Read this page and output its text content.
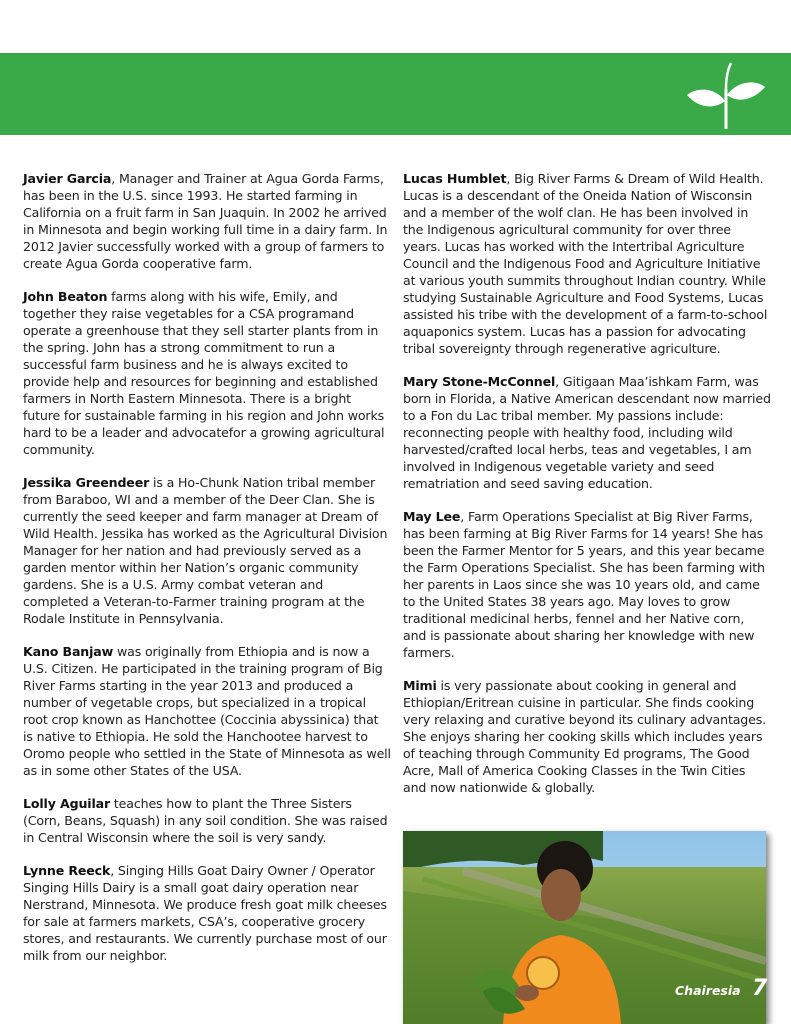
Javier Garcia, Manager and Trainer at Agua Gorda Farms, has been in the U.S. since 1993. He started farming in California on a fruit farm in San Juaquin. In 2002 he arrived in Minnesota and begin working full time in a dairy farm. In 2012 Javier successfully worked with a group of farmers to create Agua Gorda cooperative farm.

John Beaton farms along with his wife, Emily, and together they raise vegetables for a CSA programand operate a greenhouse that they sell starter plants from in the spring. John has a strong commitment to run a successful farm business and he is always excited to provide help and resources for beginning and established farmers in North Eastern Minnesota. There is a bright future for sustainable farming in his region and John works hard to be a leader and advocatefor a growing agricultural community.

Jessika Greendeer is a Ho-Chunk Nation tribal member from Baraboo, WI and a member of the Deer Clan. She is currently the seed keeper and farm manager at Dream of Wild Health. Jessika has worked as the Agricultural Division Manager for her nation and had previously served as a garden mentor within her Nation’s organic community gardens. She is a U.S. Army combat veteran and completed a Veteran-to-Farmer training program at the Rodale Institute in Pennsylvania.

Kano Banjaw was originally from Ethiopia and is now a U.S. Citizen. He participated in the training program of Big River Farms starting in the year 2013 and produced a number of vegetable crops, but specialized in a tropical root crop known as Hanchottee (Coccinia abyssinica) that is native to Ethiopia. He sold the Hanchootee harvest to Oromo people who settled in the State of Minnesota as well as in some other States of the USA.

Lolly Aguilar teaches how to plant the Three Sisters (Corn, Beans, Squash) in any soil condition. She was raised in Central Wisconsin where the soil is very sandy.

Lynne Reeck, Singing Hills Goat Dairy Owner / Operator Singing Hills Dairy is a small goat dairy operation near Nerstrand, Minnesota. We produce fresh goat milk cheeses for sale at farmers markets, CSA’s, cooperative grocery stores, and restaurants. We currently purchase most of our milk from our neighbor.

Lucas Humblet, Big River Farms & Dream of Wild Health. Lucas is a descendant of the Oneida Nation of Wisconsin and a member of the wolf clan. He has been involved in the Indigenous agricultural community for over three years. Lucas has worked with the Intertribal Agriculture Council and the Indigenous Food and Agriculture Initiative at various youth summits throughout Indian country. While studying Sustainable Agriculture and Food Systems, Lucas assisted his tribe with the development of a farm-to-school aquaponics system. Lucas has a passion for advocating tribal sovereignty through regenerative agriculture.

Mary Stone-McConnel, Gitigaan Maa’ishkam Farm, was born in Florida, a Native American descendant now married to a Fon du Lac tribal member. My passions include: reconnecting people with healthy food, including wild harvested/crafted local herbs, teas and vegetables, I am involved in Indigenous vegetable variety and seed rematriation and seed saving education.

May Lee, Farm Operations Specialist at Big River Farms, has been farming at Big River Farms for 14 years! She has been the Farmer Mentor for 5 years, and this year became the Farm Operations Specialist. She has been farming with her parents in Laos since she was 10 years old, and came to the United States 38 years ago. May loves to grow traditional medicinal herbs, fennel and her Native corn, and is passionate about sharing her knowledge with new farmers.

Mimi is very passionate about cooking in general and Ethiopian/Eritrean cuisine in particular. She finds cooking very relaxing and curative beyond its culinary advantages. She enjoys sharing her cooking skills which includes years of teaching through Community Ed programs, The Good Acre, Mall of America Cooking Classes in the Twin Cities and now nationwide & globally.

Chairesia 7
